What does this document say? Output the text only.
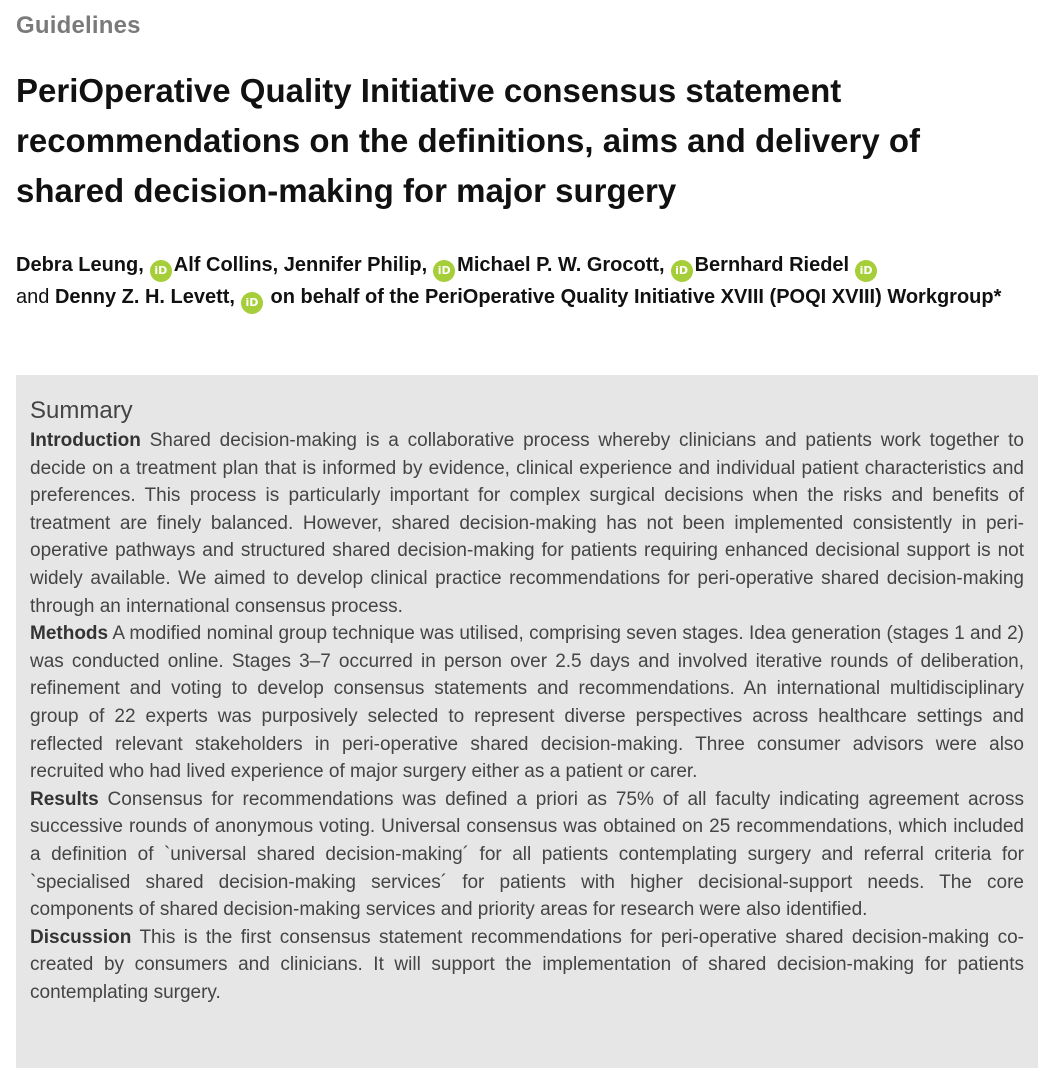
Guidelines
PeriOperative Quality Initiative consensus statement recommendations on the definitions, aims and delivery of shared decision-making for major surgery
Debra Leung, iD Alf Collins, Jennifer Philip, iD Michael P. W. Grocott, iD Bernhard Riedel iD
and Denny Z. H. Levett, iD on behalf of the PeriOperative Quality Initiative XVIII (POQI XVIII) Workgroup*
Summary

Introduction Shared decision-making is a collaborative process whereby clinicians and patients work together to decide on a treatment plan that is informed by evidence, clinical experience and individual patient characteristics and preferences. This process is particularly important for complex surgical decisions when the risks and benefits of treatment are finely balanced. However, shared decision-making has not been implemented consistently in peri-operative pathways and structured shared decision-making for patients requiring enhanced decisional support is not widely available. We aimed to develop clinical practice recommendations for peri-operative shared decision-making through an international consensus process.

Methods A modified nominal group technique was utilised, comprising seven stages. Idea generation (stages 1 and 2) was conducted online. Stages 3–7 occurred in person over 2.5 days and involved iterative rounds of deliberation, refinement and voting to develop consensus statements and recommendations. An international multidisciplinary group of 22 experts was purposively selected to represent diverse perspectives across healthcare settings and reflected relevant stakeholders in peri-operative shared decision-making. Three consumer advisors were also recruited who had lived experience of major surgery either as a patient or carer.

Results Consensus for recommendations was defined a priori as 75% of all faculty indicating agreement across successive rounds of anonymous voting. Universal consensus was obtained on 25 recommendations, which included a definition of `universal shared decision-making´ for all patients contemplating surgery and referral criteria for `specialised shared decision-making services´ for patients with higher decisional-support needs. The core components of shared decision-making services and priority areas for research were also identified.

Discussion This is the first consensus statement recommendations for peri-operative shared decision-making co-created by consumers and clinicians. It will support the implementation of shared decision-making for patients contemplating surgery.
